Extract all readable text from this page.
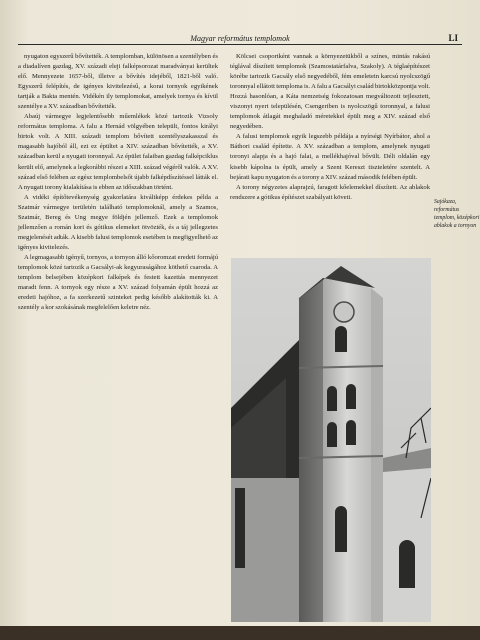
Magyar református templomok	LI

nyugaton egyszerű bővítették. A templomban, különösen a szentélyben és a diadalíven gazdag, XV. századi eleji falképsorozat maradványai kerültek elő. Mennyezete 1657-ből, illetve a bővítés idejéből, 1821-ből való. Egyszerű felépítés, de igényes kivitelezésű, a korai tornyok egyikének tartják a Bakta mentén. Vidékén ily templomokat, amelyek tornya és kívül szentélye a XV. században bővítették.

Abaúj vármegye legjelentősebb műemlékek közé tartozik Vizsoly református temploma. A falu a Hernád völgyében települt, fontos királyi birtok volt. A XIII. századi templom bővített szentélyszakasszal és magasabb hajóból áll, ezt ez épültet a XIV. században bővítették, a XV. században kerül a nyugati toronnyal. Az épület falaiban gazdag falképciklus került elő, amelynek a legkorábbi részei a XIII. század végéről valók. A XV. század első felében az egész templombelsőt újabb falképdíszítéssel látták el. A nyugati torony kialakítása is ebben az időszakban történt.

A vidéki építőtevékenység gyakorlatára kiváltképp érdekes példa a Szatmár vármegye területén található templomoknál, amely a Szamos, Szatmár, Bereg és Ung megye földjén jellemző. Ezek a templomok jellemzően a román kori és gótikus elemeket ötvözték, és a táj jellegzetes megjelenését adták. A kisebb falusi templomok esetében is megfigyelhető az igényes kivitelezés.

A legmagasabb igényű, tornyos, a tornyon álló kőoromzat eredeti formájú templomok közé tartozik a Gacsályi-ak kegyuraságához köthető csaroda. A templom belsejében középkori falképek és festett kazettás mennyezet maradt fenn. A tornyok egy része a XV. század folyamán épült hozzá az eredeti hajóhoz, a fa szerkezetű szinteket pedig később alakították ki. A szentély a kor szokásának megfelelően keletre néz.

Kölcsei csoportként vannak a környezetükből a színes, mintás rakású téglával díszített templomok (Szamostatárfalva, Szakoly). A téglaépítészet körébe tartozik Gacsály első negyedéből, fém emeletein karcsú nyolcszögű toronnyal ellátott temploma is. A falu a Gacsályi család birtokközpontja volt. Hozzá hasonlóan, a Káta nemzetség fokozatosan megváltozott tejlesztett, viszonyt nyert településén, Csengeriben is nyolcszögű toronnyal, a falusi templomok átlagát meghaladó méretekkel épült meg a XIV. század első negyedében.

A falusi templomok egyik legszebb példája a nyírségi Nyírbátor, ahol a Báthori család építette. A XV. században a templom, amelynek nyugati toronyi alapja és a hajó falai, a mellékhajóval bővült. Déli oldalán egy kisebb kápolna is épült, amely a Szent Kereszt tiszteletére szentelt. A bejárati kapu nyugaton és a torony a XIV. század második felében épült.

A torony négyzetes alaprajzú, faragott kőelemekkel díszített. Az ablakok rendszere a gótikus építészet szabályait követi.

Sajókaza, református templom, középkori ablakok a tornyon
